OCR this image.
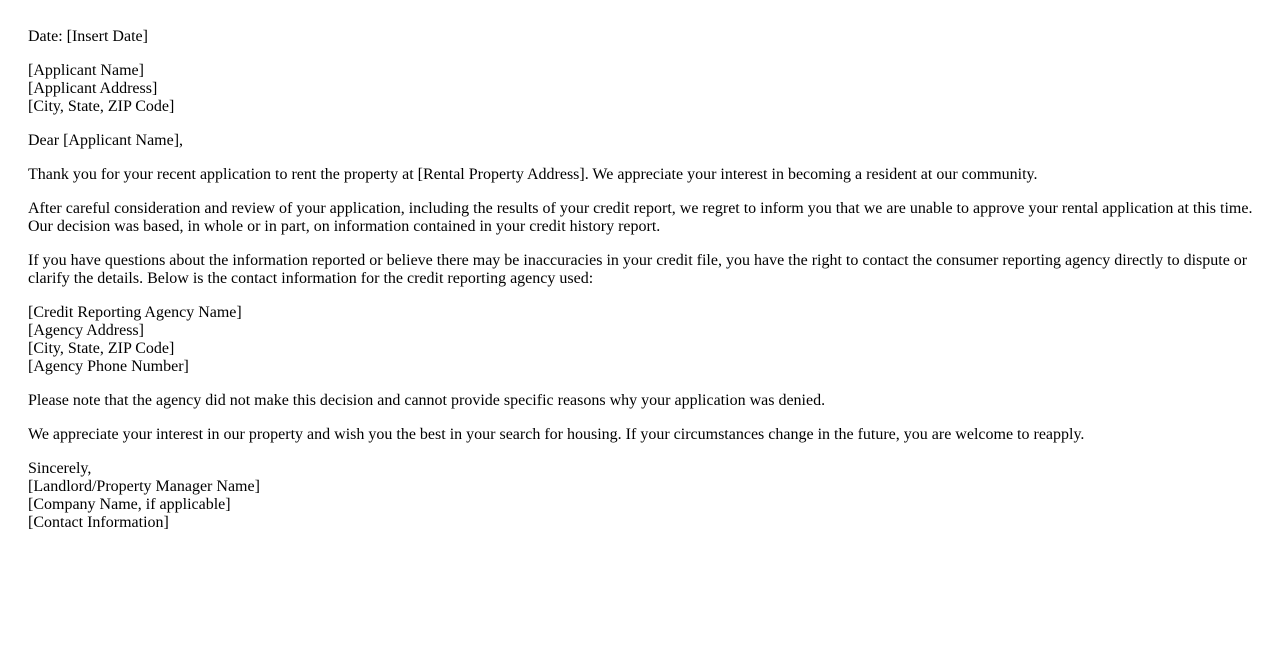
Date: [Insert Date]

[Applicant Name]
[Applicant Address]
[City, State, ZIP Code]

Dear [Applicant Name],

Thank you for your recent application to rent the property at [Rental Property Address]. We appreciate your interest in becoming a resident at our community.

After careful consideration and review of your application, including the results of your credit report, we regret to inform you that we are unable to approve your rental application at this time. Our decision was based, in whole or in part, on information contained in your credit history report.

If you have questions about the information reported or believe there may be inaccuracies in your credit file, you have the right to contact the consumer reporting agency directly to dispute or clarify the details. Below is the contact information for the credit reporting agency used:

[Credit Reporting Agency Name]
[Agency Address]
[City, State, ZIP Code]
[Agency Phone Number]

Please note that the agency did not make this decision and cannot provide specific reasons why your application was denied.

We appreciate your interest in our property and wish you the best in your search for housing. If your circumstances change in the future, you are welcome to reapply.

Sincerely,
[Landlord/Property Manager Name]
[Company Name, if applicable]
[Contact Information]
